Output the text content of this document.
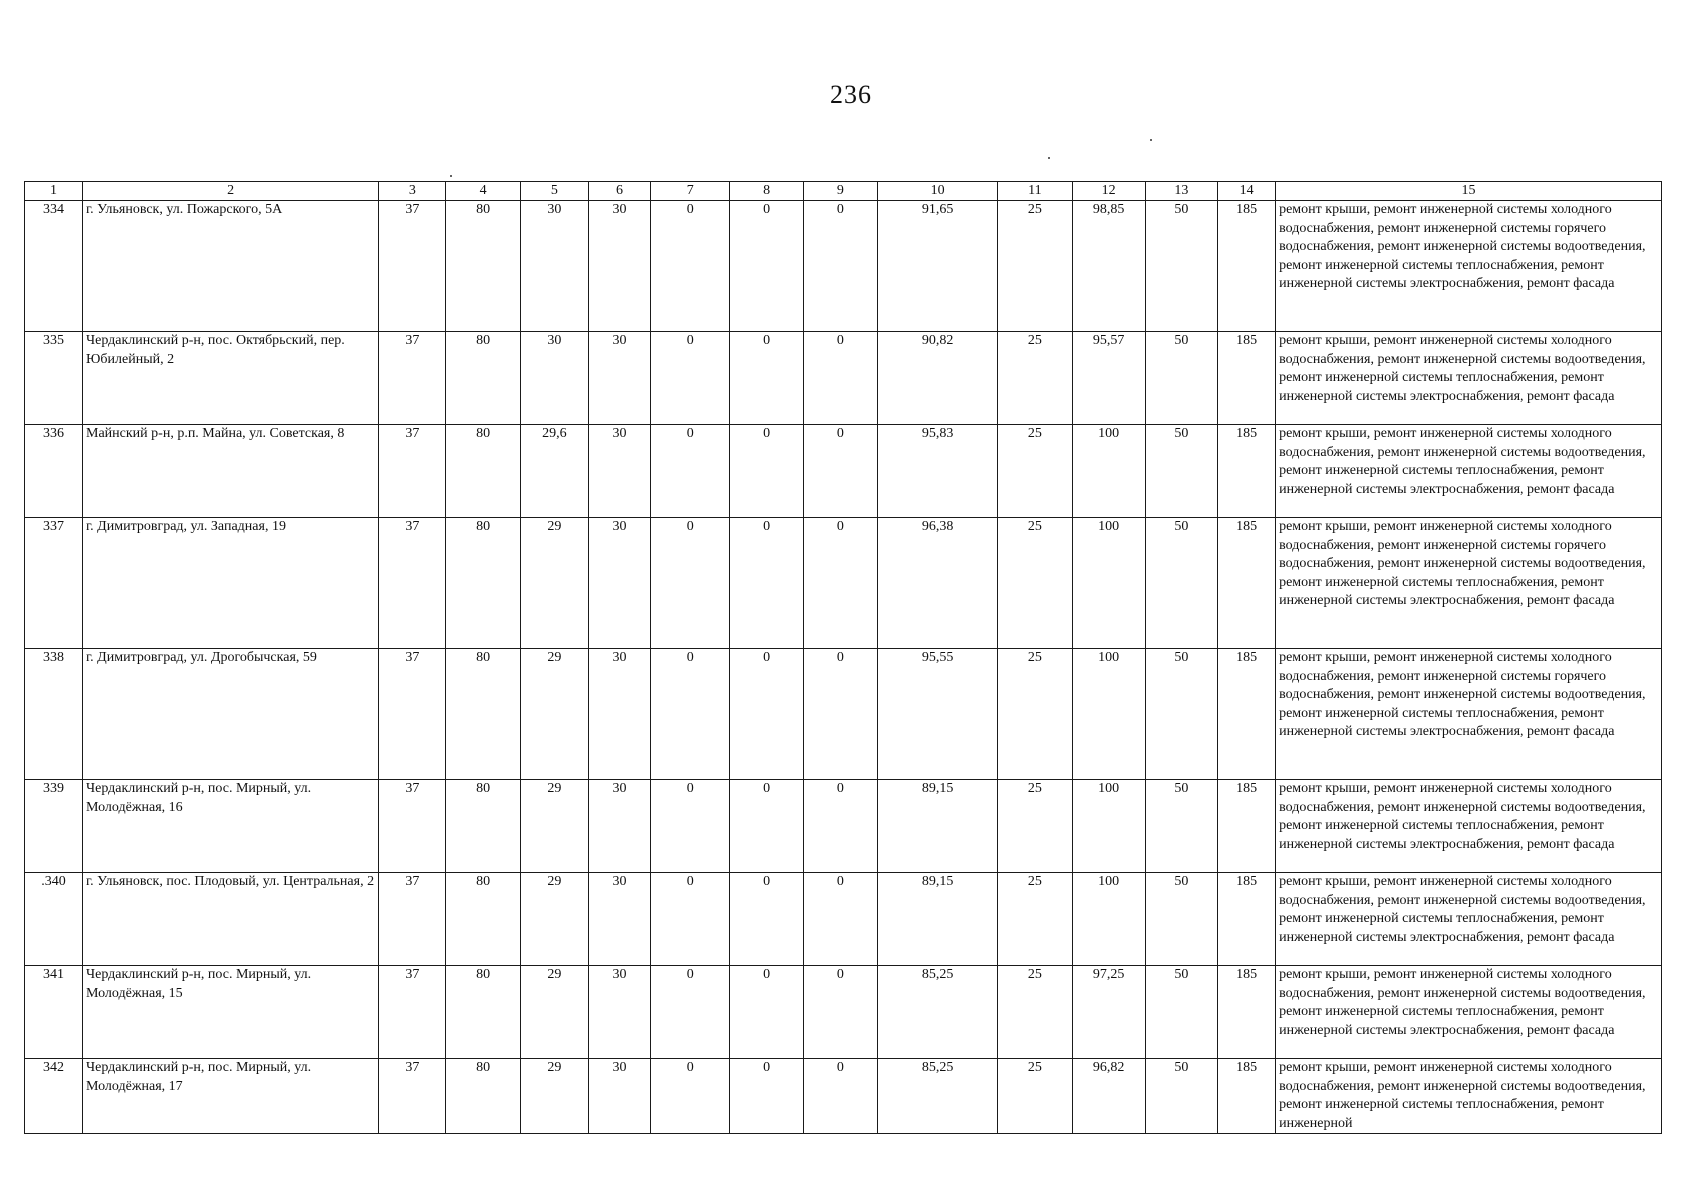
236
1	2	3	4	5	6	7	8	9	10	11	12	13	14	15
334	г. Ульяновск, ул. Пожарского, 5А	37	80	30	30	0	0	0	91,65	25	98,85	50	185	ремонт крыши, ремонт инженерной системы холодного водоснабжения, ремонт инженерной системы горячего водоснабжения, ремонт инженерной системы водоотведения, ремонт инженерной системы теплоснабжения, ремонт инженерной системы электроснабжения, ремонт фасада
335	Чердаклинский р-н, пос. Октябрьский, пер. Юбилейный, 2	37	80	30	30	0	0	0	90,82	25	95,57	50	185	ремонт крыши, ремонт инженерной системы холодного водоснабжения, ремонт инженерной системы водоотведения, ремонт инженерной системы теплоснабжения, ремонт инженерной системы электроснабжения, ремонт фасада
336	Майнский р-н, р.п. Майна, ул. Советская, 8	37	80	29,6	30	0	0	0	95,83	25	100	50	185	ремонт крыши, ремонт инженерной системы холодного водоснабжения, ремонт инженерной системы водоотведения, ремонт инженерной системы теплоснабжения, ремонт инженерной системы электроснабжения, ремонт фасада
337	г. Димитровград, ул. Западная, 19	37	80	29	30	0	0	0	96,38	25	100	50	185	ремонт крыши, ремонт инженерной системы холодного водоснабжения, ремонт инженерной системы горячего водоснабжения, ремонт инженерной системы водоотведения, ремонт инженерной системы теплоснабжения, ремонт инженерной системы электроснабжения, ремонт фасада
338	г. Димитровград, ул. Дрогобычская, 59	37	80	29	30	0	0	0	95,55	25	100	50	185	ремонт крыши, ремонт инженерной системы холодного водоснабжения, ремонт инженерной системы горячего водоснабжения, ремонт инженерной системы водоотведения, ремонт инженерной системы теплоснабжения, ремонт инженерной системы электроснабжения, ремонт фасада
339	Чердаклинский р-н, пос. Мирный, ул. Молодёжная, 16	37	80	29	30	0	0	0	89,15	25	100	50	185	ремонт крыши, ремонт инженерной системы холодного водоснабжения, ремонт инженерной системы водоотведения, ремонт инженерной системы теплоснабжения, ремонт инженерной системы электроснабжения, ремонт фасада
.340	г. Ульяновск, пос. Плодовый, ул. Центральная, 2	37	80	29	30	0	0	0	89,15	25	100	50	185	ремонт крыши, ремонт инженерной системы холодного водоснабжения, ремонт инженерной системы водоотведения, ремонт инженерной системы теплоснабжения, ремонт инженерной системы электроснабжения, ремонт фасада
341	Чердаклинский р-н, пос. Мирный, ул. Молодёжная, 15	37	80	29	30	0	0	0	85,25	25	97,25	50	185	ремонт крыши, ремонт инженерной системы холодного водоснабжения, ремонт инженерной системы водоотведения, ремонт инженерной системы теплоснабжения, ремонт инженерной системы электроснабжения, ремонт фасада
342	Чердаклинский р-н, пос. Мирный, ул. Молодёжная, 17	37	80	29	30	0	0	0	85,25	25	96,82	50	185	ремонт крыши, ремонт инженерной системы холодного водоснабжения, ремонт инженерной системы водоотведения, ремонт инженерной системы теплоснабжения, ремонт инженерной
